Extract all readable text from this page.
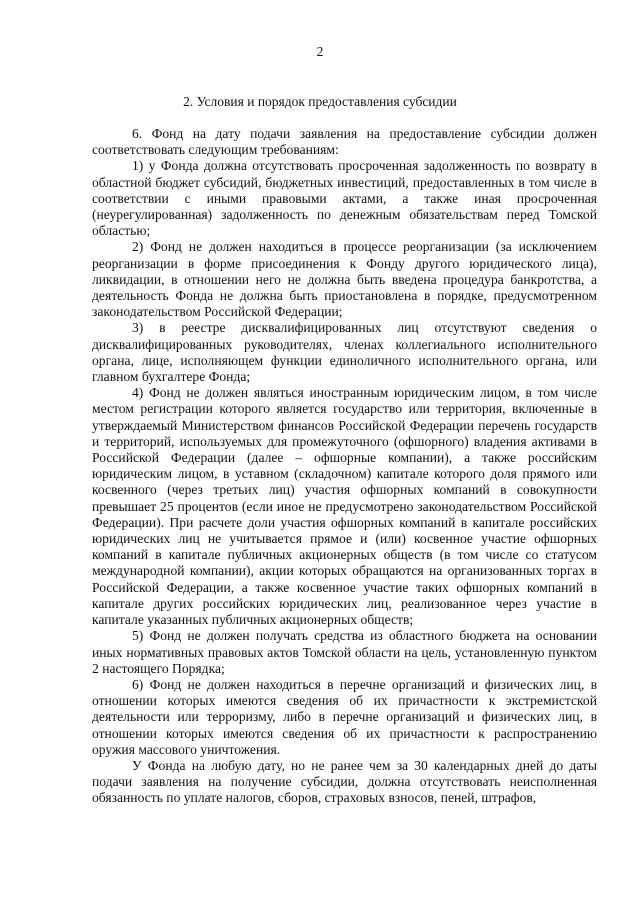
2
2. Условия и порядок предоставления субсидии

6. Фонд на дату подачи заявления на предоставление субсидии должен соответствовать следующим требованиям:

1) у Фонда должна отсутствовать просроченная задолженность по возврату в областной бюджет субсидий, бюджетных инвестиций, предоставленных в том числе в соответствии с иными правовыми актами, а также иная просроченная (неурегулированная) задолженность по денежным обязательствам перед Томской областью;

2) Фонд не должен находиться в процессе реорганизации (за исключением реорганизации в форме присоединения к Фонду другого юридического лица), ликвидации, в отношении него не должна быть введена процедура банкротства, а деятельность Фонда не должна быть приостановлена в порядке, предусмотренном законодательством Российской Федерации;

3) в реестре дисквалифицированных лиц отсутствуют сведения о дисквалифицированных руководителях, членах коллегиального исполнительного органа, лице, исполняющем функции единоличного исполнительного органа, или главном бухгалтере Фонда;

4) Фонд не должен являться иностранным юридическим лицом, в том числе местом регистрации которого является государство или территория, включенные в утверждаемый Министерством финансов Российской Федерации перечень государств и территорий, используемых для промежуточного (офшорного) владения активами в Российской Федерации (далее – офшорные компании), а также российским юридическим лицом, в уставном (складочном) капитале которого доля прямого или косвенного (через третьих лиц) участия офшорных компаний в совокупности превышает 25 процентов (если иное не предусмотрено законодательством Российской Федерации). При расчете доли участия офшорных компаний в капитале российских юридических лиц не учитывается прямое и (или) косвенное участие офшорных компаний в капитале публичных акционерных обществ (в том числе со статусом международной компании), акции которых обращаются на организованных торгах в Российской Федерации, а также косвенное участие таких офшорных компаний в капитале других российских юридических лиц, реализованное через участие в капитале указанных публичных акционерных обществ;

5) Фонд не должен получать средства из областного бюджета на основании иных нормативных правовых актов Томской области на цель, установленную пунктом 2 настоящего Порядка;

6) Фонд не должен находиться в перечне организаций и физических лиц, в отношении которых имеются сведения об их причастности к экстремистской деятельности или терроризму, либо в перечне организаций и физических лиц, в отношении которых имеются сведения об их причастности к распространению оружия массового уничтожения.

У Фонда на любую дату, но не ранее чем за 30 календарных дней до даты подачи заявления на получение субсидии, должна отсутствовать неисполненная обязанность по уплате налогов, сборов, страховых взносов, пеней, штрафов,
